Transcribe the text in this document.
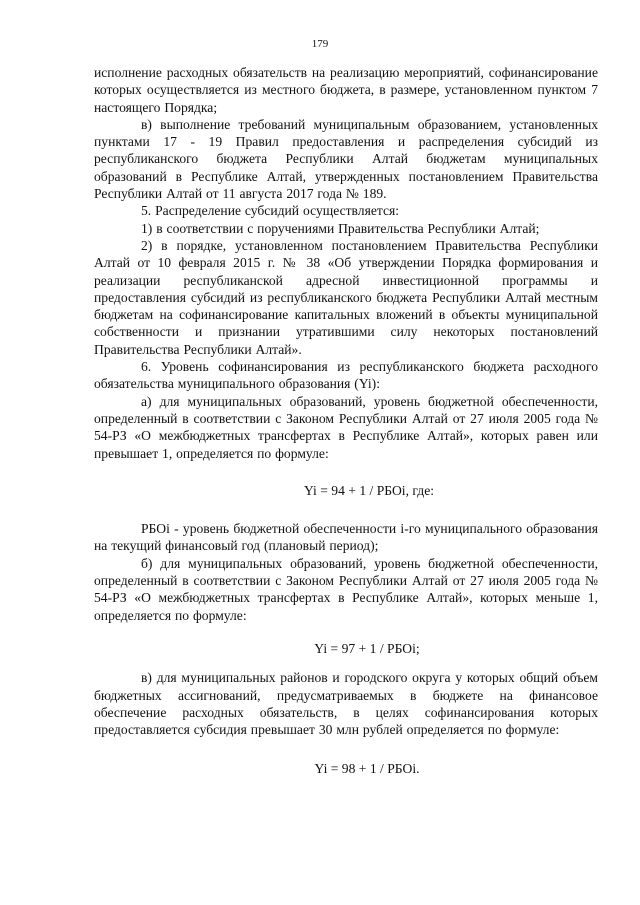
179

исполнение расходных обязательств на реализацию мероприятий, софинансирование которых осуществляется из местного бюджета, в размере, установленном пунктом 7 настоящего Порядка;

в) выполнение требований муниципальным образованием, установленных пунктами 17 - 19 Правил предоставления и распределения субсидий из республиканского бюджета Республики Алтай бюджетам муниципальных образований в Республике Алтай, утвержденных постановлением Правительства Республики Алтай от 11 августа 2017 года № 189.

5. Распределение субсидий осуществляется:

1) в соответствии с поручениями Правительства Республики Алтай;

2) в порядке, установленном постановлением Правительства Республики Алтай от 10 февраля 2015 г. № 38 «Об утверждении Порядка формирования и реализации республиканской адресной инвестиционной программы и предоставления субсидий из республиканского бюджета Республики Алтай местным бюджетам на софинансирование капитальных вложений в объекты муниципальной собственности и признании утратившими силу некоторых постановлений Правительства Республики Алтай».

6. Уровень софинансирования из республиканского бюджета расходного обязательства муниципального образования (Yi):

а) для муниципальных образований, уровень бюджетной обеспеченности, определенный в соответствии с Законом Республики Алтай от 27 июля 2005 года № 54-РЗ «О межбюджетных трансфертах в Республике Алтай», которых равен или превышает 1, определяется по формуле:

Yi = 94 + 1 / РБОi, где:

РБОi - уровень бюджетной обеспеченности i-го муниципального образования на текущий финансовый год (плановый период);

б) для муниципальных образований, уровень бюджетной обеспеченности, определенный в соответствии с Законом Республики Алтай от 27 июля 2005 года № 54-РЗ «О межбюджетных трансфертах в Республике Алтай», которых меньше 1, определяется по формуле:

Yi = 97 + 1 / РБОi;

в) для муниципальных районов и городского округа у которых общий объем бюджетных ассигнований, предусматриваемых в бюджете на финансовое обеспечение расходных обязательств, в целях софинансирования которых предоставляется субсидия превышает 30 млн рублей определяется по формуле:

Yi = 98 + 1 / РБОi.
